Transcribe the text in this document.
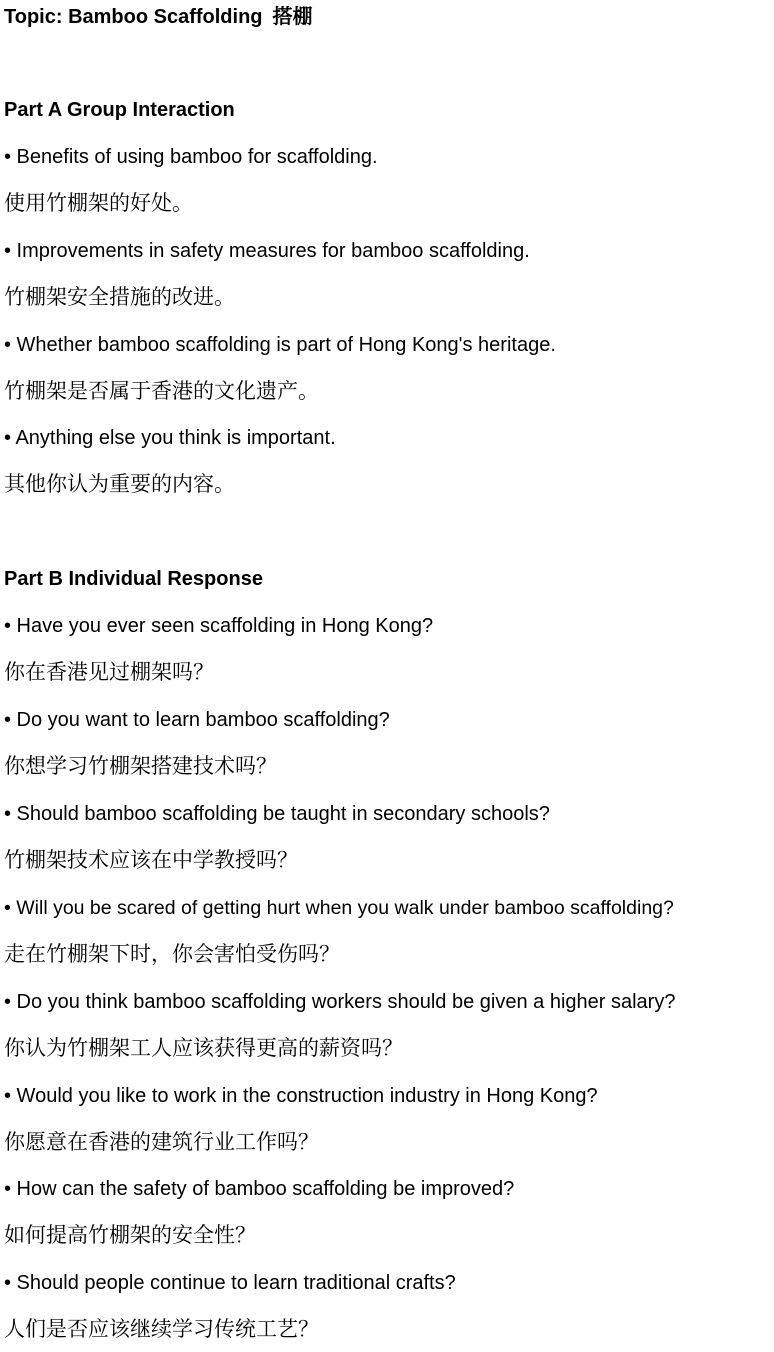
Topic: Bamboo Scaffolding 搭棚
Part A Group Interaction
• Benefits of using bamboo for scaffolding.
使用竹棚架的好处。
• Improvements in safety measures for bamboo scaffolding.
竹棚架安全措施的改进。
• Whether bamboo scaffolding is part of Hong Kong's heritage.
竹棚架是否属于香港的文化遗产。
• Anything else you think is important.
其他你认为重要的内容。
Part B Individual Response
• Have you ever seen scaffolding in Hong Kong?
你在香港见过棚架吗？
• Do you want to learn bamboo scaffolding?
你想学习竹棚架搭建技术吗？
• Should bamboo scaffolding be taught in secondary schools?
竹棚架技术应该在中学教授吗？
• Will you be scared of getting hurt when you walk under bamboo scaffolding?
走在竹棚架下时，你会害怕受伤吗？
• Do you think bamboo scaffolding workers should be given a higher salary?
你认为竹棚架工人应该获得更高的薪资吗？
• Would you like to work in the construction industry in Hong Kong?
你愿意在香港的建筑行业工作吗？
• How can the safety of bamboo scaffolding be improved?
如何提高竹棚架的安全性？
• Should people continue to learn traditional crafts?
人们是否应该继续学习传统工艺？
